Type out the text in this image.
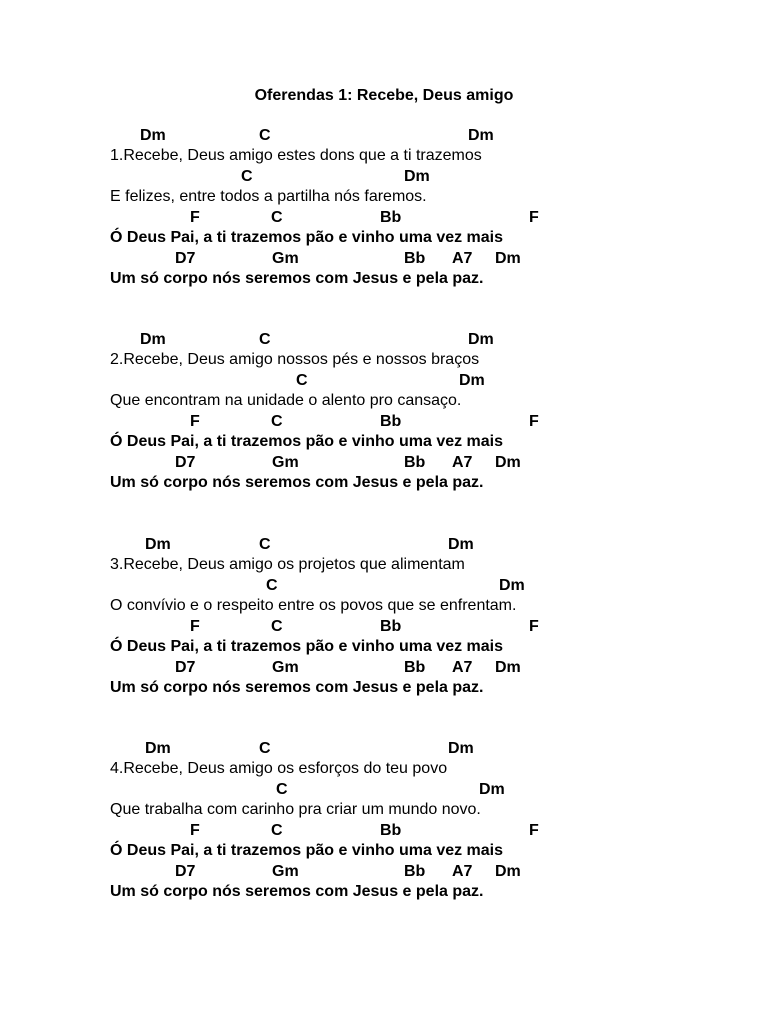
Oferendas 1: Recebe, Deus amigo
Dm	C	Dm
1.Recebe, Deus amigo estes dons que a ti trazemos
C	Dm
E felizes, entre todos a partilha nós faremos.
F	C	Bb	F
Ó Deus Pai, a ti trazemos pão e vinho uma vez mais
D7	Gm	Bb A7 Dm
Um só corpo nós seremos com Jesus e pela paz.
Dm	C	Dm
2.Recebe, Deus amigo nossos pés e nossos braços
C	Dm
Que encontram na unidade o alento pro cansaço.
F	C	Bb	F
Ó Deus Pai, a ti trazemos pão e vinho uma vez mais
D7	Gm	Bb A7 Dm
Um só corpo nós seremos com Jesus e pela paz.
Dm	C	Dm
3.Recebe, Deus amigo os projetos que alimentam
C	Dm
O convívio e o respeito entre os povos que se enfrentam.
F	C	Bb	F
Ó Deus Pai, a ti trazemos pão e vinho uma vez mais
D7	Gm	Bb A7 Dm
Um só corpo nós seremos com Jesus e pela paz.
Dm	C	Dm
4.Recebe, Deus amigo os esforços do teu povo
C	Dm
Que trabalha com carinho pra criar um mundo novo.
F	C	Bb	F
Ó Deus Pai, a ti trazemos pão e vinho uma vez mais
D7	Gm	Bb A7 Dm
Um só corpo nós seremos com Jesus e pela paz.
